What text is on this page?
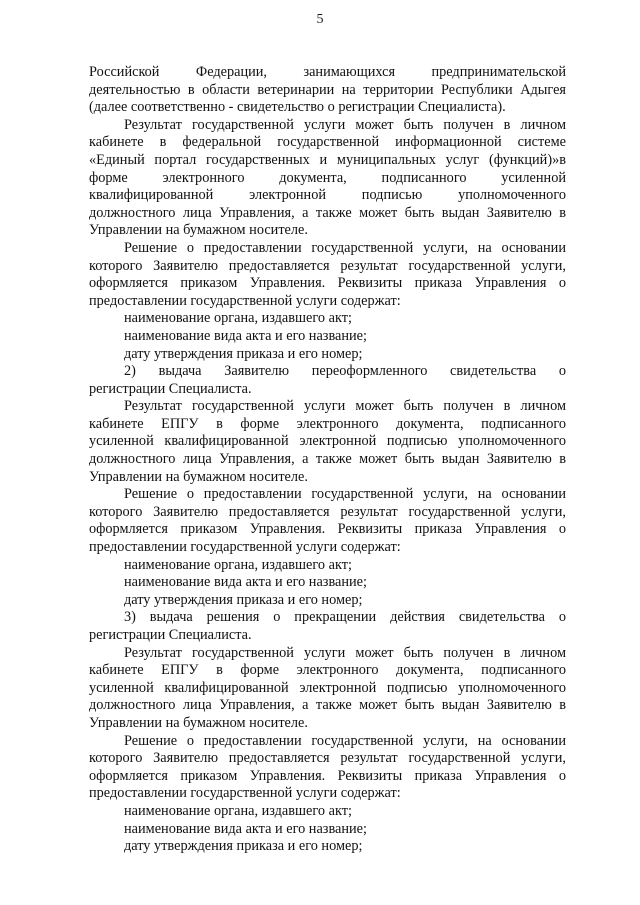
5
Российской Федерации, занимающихся предпринимательской
деятельностью в области ветеринарии на территории Республики Адыгея
(далее соответственно - свидетельство о регистрации Специалиста).
Результат государственной услуги может быть получен в личном
кабинете в федеральной государственной информационной системе
«Единый портал государственных и муниципальных услуг (функций)»в
форме электронного документа, подписанного усиленной
квалифицированной электронной подписью уполномоченного
должностного лица Управления, а также может быть выдан Заявителю в
Управлении на бумажном носителе.
Решение о предоставлении государственной услуги, на основании
которого Заявителю предоставляется результат государственной услуги,
оформляется приказом Управления. Реквизиты приказа Управления о
предоставлении государственной услуги содержат:
наименование органа, издавшего акт;
наименование вида акта и его название;
дату утверждения приказа и его номер;
2) выдача Заявителю переоформленного свидетельства о
регистрации Специалиста.
Результат государственной услуги может быть получен в личном
кабинете ЕПГУ в форме электронного документа, подписанного
усиленной квалифицированной электронной подписью уполномоченного
должностного лица Управления, а также может быть выдан Заявителю в
Управлении на бумажном носителе.
Решение о предоставлении государственной услуги, на основании
которого Заявителю предоставляется результат государственной услуги,
оформляется приказом Управления. Реквизиты приказа Управления о
предоставлении государственной услуги содержат:
наименование органа, издавшего акт;
наименование вида акта и его название;
дату утверждения приказа и его номер;
3) выдача решения о прекращении действия свидетельства о
регистрации Специалиста.
Результат государственной услуги может быть получен в личном
кабинете ЕПГУ в форме электронного документа, подписанного
усиленной квалифицированной электронной подписью уполномоченного
должностного лица Управления, а также может быть выдан Заявителю в
Управлении на бумажном носителе.
Решение о предоставлении государственной услуги, на основании
которого Заявителю предоставляется результат государственной услуги,
оформляется приказом Управления. Реквизиты приказа Управления о
предоставлении государственной услуги содержат:
наименование органа, издавшего акт;
наименование вида акта и его название;
дату утверждения приказа и его номер;
